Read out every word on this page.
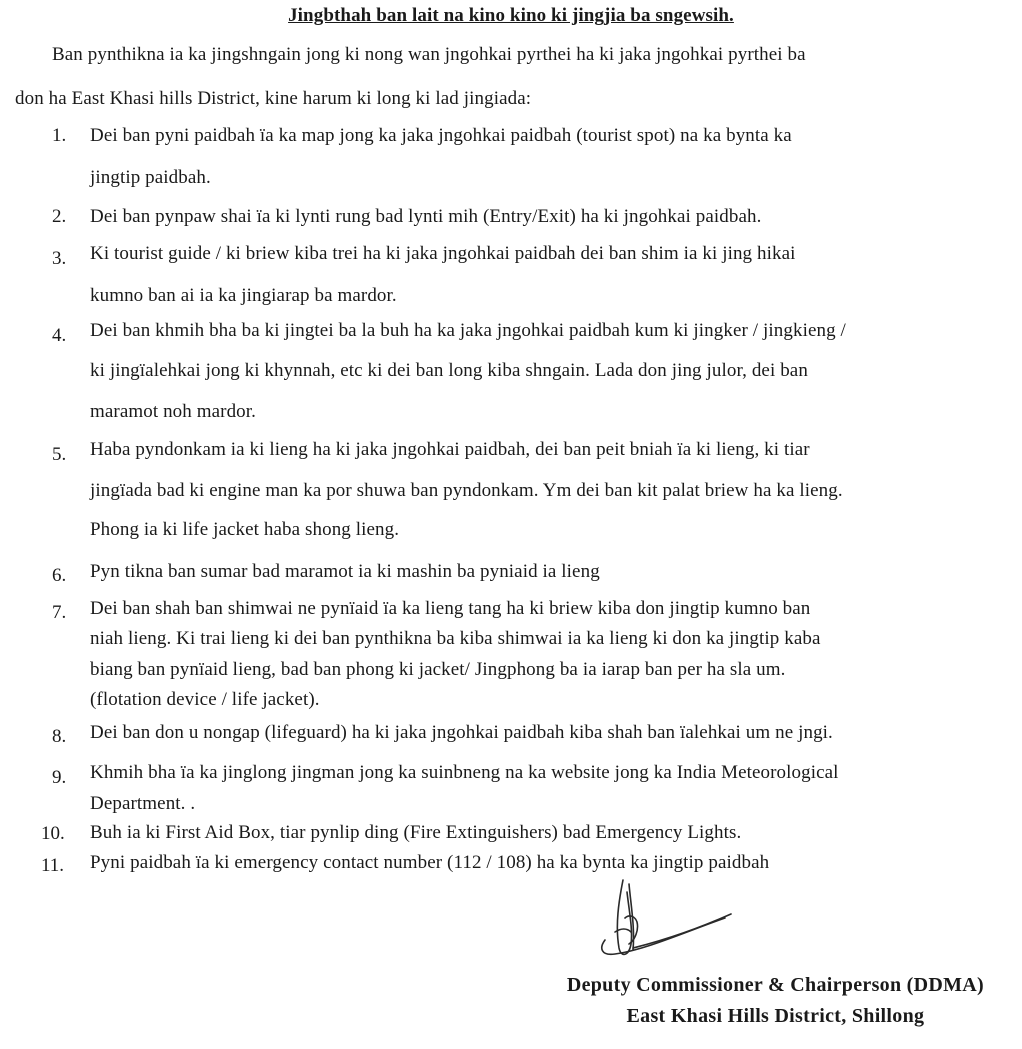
Jingbthah ban lait na kino kino ki jingjia ba sngewsih.
Ban pynthikna ia ka jingshngain jong ki nong wan jngohkai pyrthei ha ki jaka jngohkai pyrthei ba
don ha East Khasi hills District, kine harum ki long ki lad jingiada:
1. Dei ban pyni paidbah ïa ka map jong ka jaka jngohkai paidbah (tourist spot) na ka bynta ka
jingtip paidbah.
2. Dei ban pynpaw shai ïa ki lynti rung bad lynti mih (Entry/Exit) ha ki jngohkai paidbah.
3. Ki tourist guide / ki briew kiba trei ha ki jaka jngohkai paidbah dei ban shim ia ki jing hikai
kumno ban ai ia ka jingiarap ba mardor.
4. Dei ban khmih bha ba ki jingtei ba la buh ha ka jaka jngohkai paidbah kum ki jingker / jingkieng /
ki jingïalehkai jong ki khynnah, etc ki dei ban long kiba shngain. Lada don jing julor, dei ban
maramot noh mardor.
5. Haba pyndonkam ia ki lieng ha ki jaka jngohkai paidbah, dei ban peit bniah ïa ki lieng, ki tiar
jingïada bad ki engine man ka por shuwa ban pyndonkam. Ym dei ban kit palat briew ha ka lieng.
Phong ia ki life jacket haba shong lieng.
6. Pyn tikna ban sumar bad maramot ia ki mashin ba pyniaid ia lieng
7. Dei ban shah ban shimwai ne pynïaid ïa ka lieng tang ha ki briew kiba don jingtip kumno ban
niah lieng. Ki trai lieng ki dei ban pynthikna ba kiba shimwai ia ka lieng ki don ka jingtip kaba
biang ban pynïaid lieng, bad ban phong ki jacket/ Jingphong ba ia iarap ban per ha sla um.
(flotation device / life jacket).
8. Dei ban don u nongap (lifeguard) ha ki jaka jngohkai paidbah kiba shah ban ïalehkai um ne jngi.
9. Khmih bha ïa ka jinglong jingman jong ka suinbneng na ka website jong ka India Meteorological
Department. .
10. Buh ia ki First Aid Box, tiar pynlip ding (Fire Extinguishers) bad Emergency Lights.
11. Pyni paidbah ïa ki emergency contact number (112 / 108) ha ka bynta ka jingtip paidbah
Deputy Commissioner & Chairperson (DDMA)
East Khasi Hills District, Shillong
